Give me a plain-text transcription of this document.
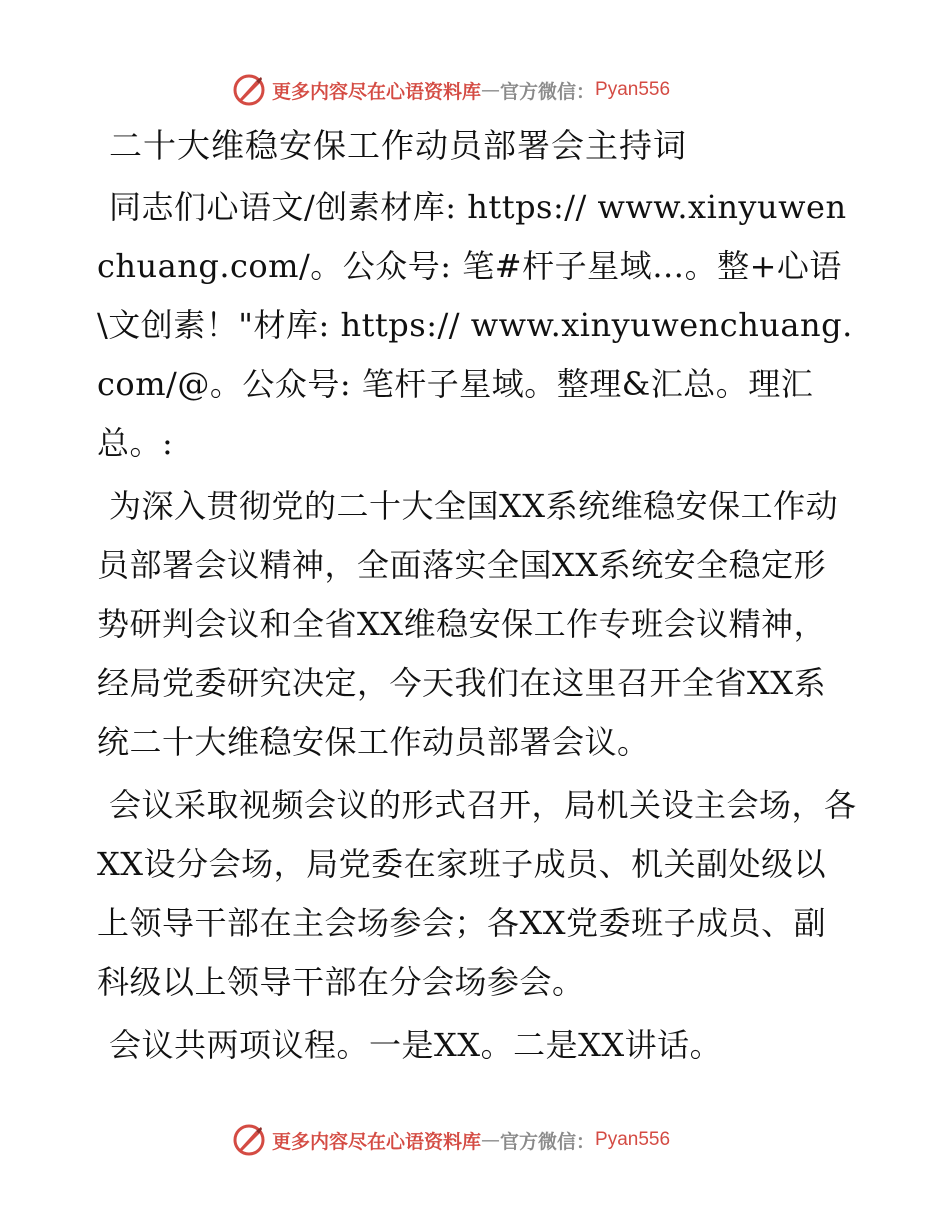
更多内容尽在心语资料库 — 官方微信： Pyan556
二十大维稳安保工作动员部署会主持词

同志们心语文/创素材库: https:// www.xinyuwenchuang.com/。公众号: 笔#杆子星域…。整+心语\文创素！"材库: https:// www.xinyuwenchuang.com/@。公众号: 笔杆子星域。整理&汇总。理汇总。:

为深入贯彻党的二十大全国XX系统维稳安保工作动员部署会议精神，全面落实全国XX系统安全稳定形势研判会议和全省XX维稳安保工作专班会议精神，经局党委研究决定，今天我们在这里召开全省XX系统二十大维稳安保工作动员部署会议。

会议采取视频会议的形式召开，局机关设主会场，各XX设分会场，局党委在家班子成员、机关副处级以上领导干部在主会场参会；各XX党委班子成员、副科级以上领导干部在分会场参会。

会议共两项议程。一是XX。二是XX讲话。

更多内容尽在心语资料库 — 官方微信： Pyan556
